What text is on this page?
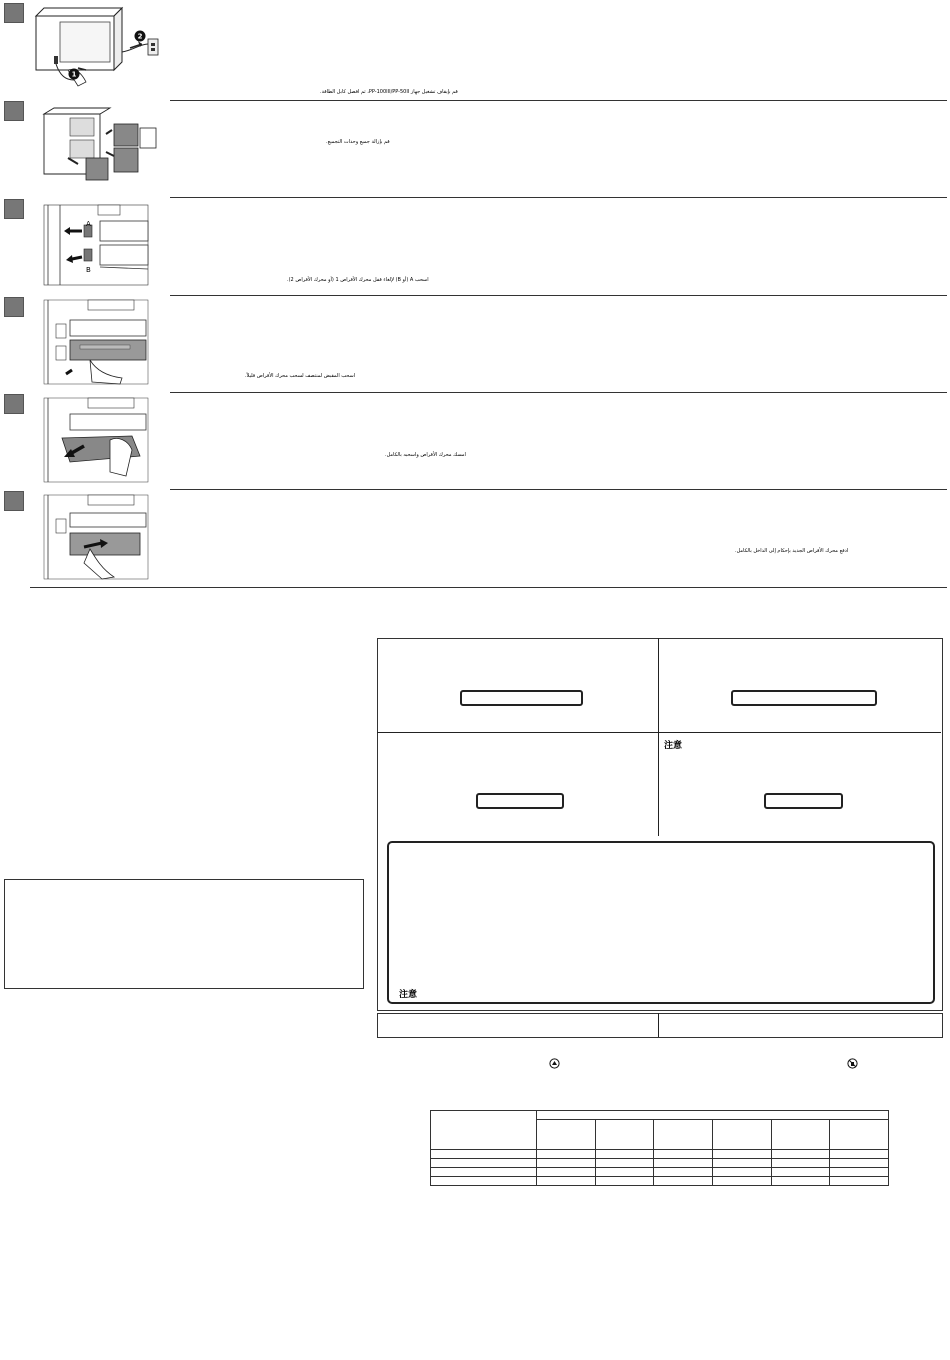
1
2
A
B
قم بإيقاف تشغيل جهاز PP-100III/PP-50II، ثم افصل كابل الطاقة.
قم بإزالة جميع وحدات التجميع.
اسحب A (أو B) لإلغاء قفل محرك الأقراص 1 (أو محرك الأقراص 2).
اسحب المقبض لمنتصف لسحب محرك الأقراص قليلاً.
امسك محرك الأقراص واسحبه بالكامل.
ادفع محرك الأقراص الجديد بإحكام إلى الداخل بالكامل.
注意
注意
